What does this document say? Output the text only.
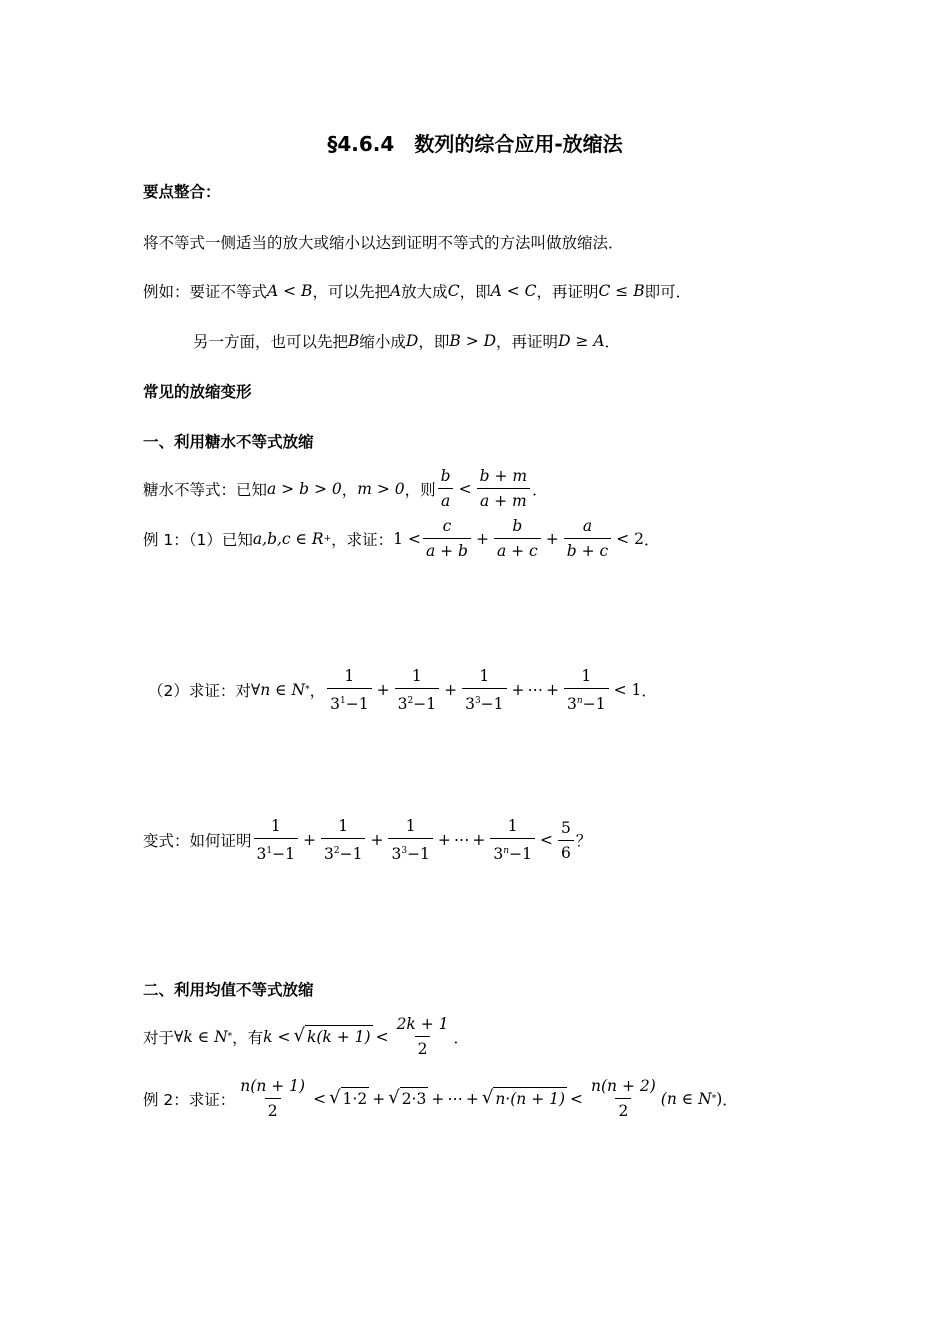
§4.6.4　数列的综合应用-放缩法
要点整合：
将不等式一侧适当的放大或缩小以达到证明不等式的方法叫做放缩法．
例如：要证不等式 A < B ，可以先把 A 放大成 C ，即 A < C ，再证明 C ≤ B 即可．
另一方面，也可以先把 B 缩小成 D ，即 B > D ，再证明 D ≥ A ．
常见的放缩变形
一、利用糖水不等式放缩
糖水不等式：已知 a > b > 0 ， m > 0 ，则 $\frac{b}{a} < \frac{b + m}{a + m}$ ．
例 1：（1）已知 a,b,c ∈ R + ，求证： $1 < \frac{c}{a + b} + \frac{b}{a + c} + \frac{a}{b + c} < 2$ ．
（2）求证：对 ∀n ∈ N * ， $\frac{1}{3^1-1} + \frac{1}{3^2-1} + \frac{1}{3^3-1}$ + ⋯ + $\frac{1}{3^n-1} < 1$ ．
变式：如何证明 $\frac{1}{3^1-1} + \frac{1}{3^2-1} + \frac{1}{3^3-1}$ + ⋯ + $\frac{1}{3^n-1} < \frac{5}{6}$ ？
二、利用均值不等式放缩
对于 ∀k ∈ N * ，有 k < √ $k(k + 1) < \frac{2k + 1}{2}$ ．
例 2：求证： $\frac{n(n + 1)}{2}$ < √ 1·2 + √ 2·3 + ⋯ + √ $n\cdot(n + 1) < \frac{n(n + 2)}{2} (n$ ∈ N * ) ．
